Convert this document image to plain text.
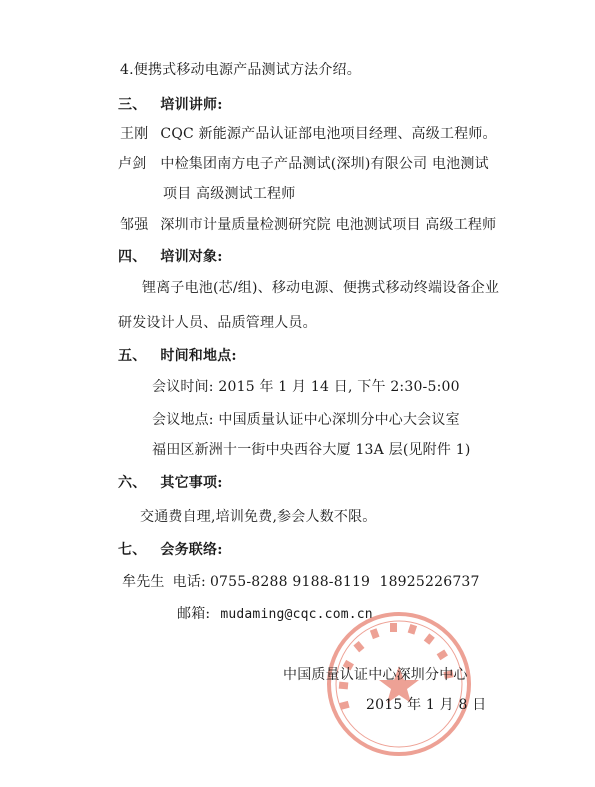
4.便携式移动电源产品测试方法介绍。
三、 培训讲师:
王刚 CQC 新能源产品认证部电池项目经理、高级工程师。
卢剑 中检集团南方电子产品测试(深圳)有限公司 电池测试
项目 高级测试工程师
邹强 深圳市计量质量检测研究院 电池测试项目 高级工程师
四、 培训对象:
锂离子电池(芯/组)、移动电源、便携式移动终端设备企业
研发设计人员、品质管理人员。
五、 时间和地点:
会议时间: 2015 年 1 月 14 日, 下午 2:30-5:00
会议地点: 中国质量认证中心深圳分中心大会议室
福田区新洲十一街中央西谷大厦 13A 层(见附件 1)
六、 其它事项:
交通费自理,培训免费,参会人数不限。
七、 会务联络:
牟先生 电话: 0755-8288 9188-8119  18925226737
邮箱: mudaming@cqc.com.cn
中国质量认证中心深圳分中心
2015 年 1 月 8 日
